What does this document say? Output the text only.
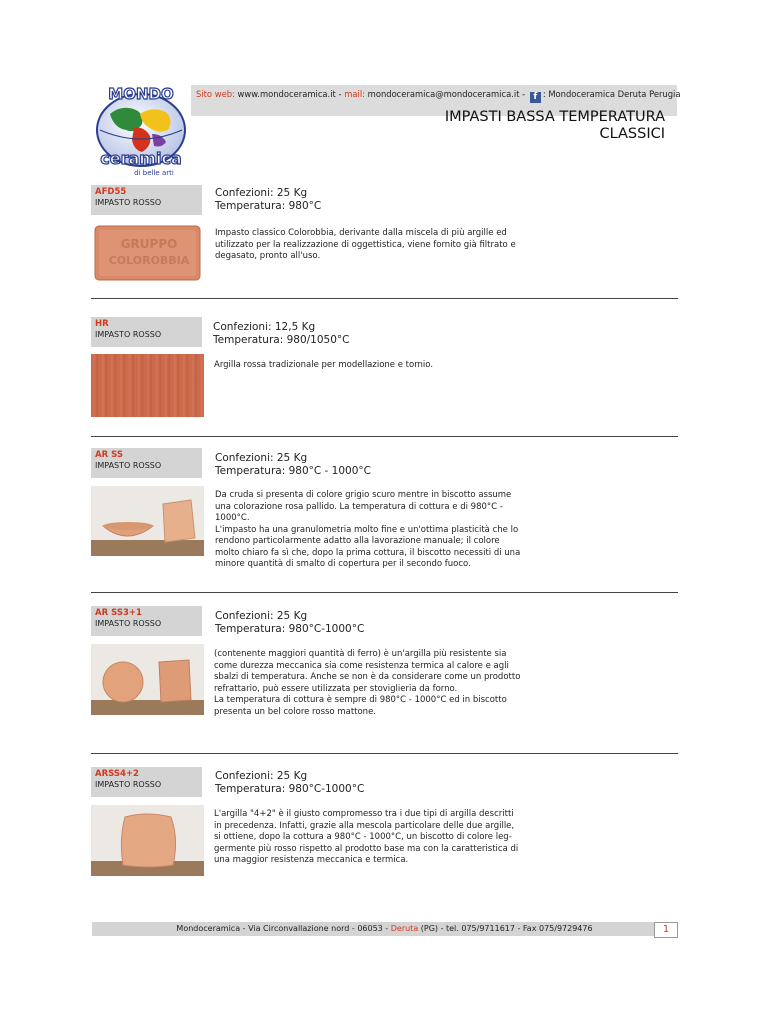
MONDO
ceramica
di belle arti
Sito web: www.mondoceramica.it - mail: mondoceramica@mondoceramica.it - f : Mondoceramica Deruta Perugia
IMPASTI BASSA TEMPERATURA
CLASSICI
AFD55
IMPASTO ROSSO
Confezioni: 25 Kg
Temperatura: 980°C
GRUPPO
COLOROBBIA
Impasto classico Colorobbia, derivante dalla miscela di più argille ed
utilizzato per la realizzazione di oggettistica, viene fornito già filtrato e
degasato, pronto all'uso.
HR
IMPASTO ROSSO
Confezioni: 12,5 Kg
Temperatura: 980/1050°C
Argilla rossa tradizionale per modellazione e tornio.
AR SS
IMPASTO ROSSO
Confezioni: 25 Kg
Temperatura: 980°C - 1000°C
Da cruda si presenta di colore grigio scuro mentre in biscotto assume
una colorazione rosa pallido. La temperatura di cottura e di 980°C -
1000°C.
L'impasto ha una granulometria molto fine e un'ottima plasticità che lo
rendono particolarmente adatto alla lavorazione manuale; il colore
molto chiaro fa sì che, dopo la prima cottura, il biscotto necessiti di una
minore quantità di smalto di copertura per il secondo fuoco.
AR SS3+1
IMPASTO ROSSO
Confezioni: 25 Kg
Temperatura: 980°C-1000°C
(contenente maggiori quantità di ferro) è un'argilla più resistente sia
come durezza meccanica sia come resistenza termica al calore e agli
sbalzi di temperatura. Anche se non è da considerare come un prodotto
refrattario, può essere utilizzata per stoviglieria da forno.
La temperatura di cottura è sempre di 980°C - 1000°C ed in biscotto
presenta un bel colore rosso mattone.
ARSS4+2
IMPASTO ROSSO
Confezioni: 25 Kg
Temperatura: 980°C-1000°C
L'argilla "4+2" è il giusto compromesso tra i due tipi di argilla descritti
in precedenza. Infatti, grazie alla mescola particolare delle due argille,
si ottiene, dopo la cottura a 980°C - 1000°C, un biscotto di colore leg-
germente più rosso rispetto al prodotto base ma con la caratteristica di
una maggior resistenza meccanica e termica.
Mondoceramica - Via Circonvallazione nord - 06053 - Deruta (PG) - tel. 075/9711617 - Fax 075/9729476	1
